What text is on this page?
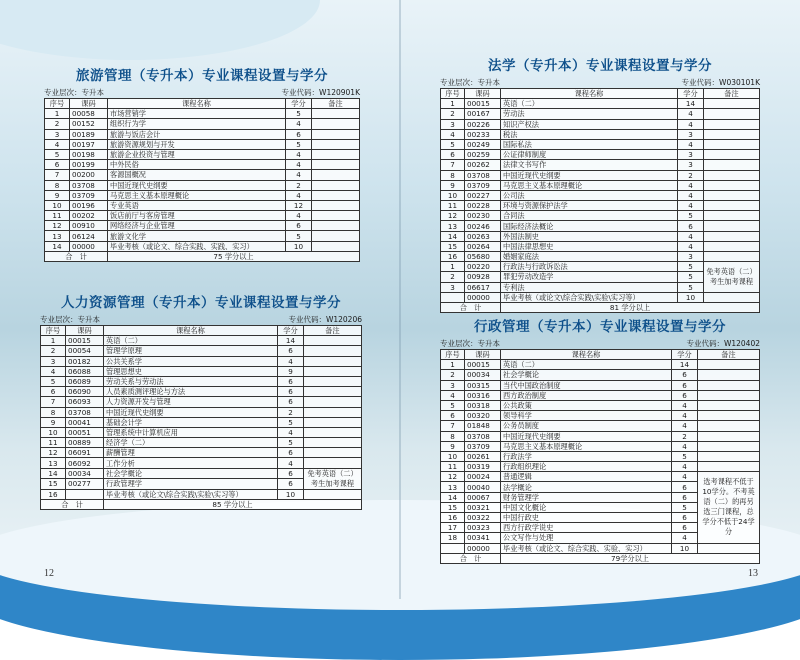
旅游管理（专升本）专业课程设置与学分
专业层次：专升本	专业代码：W120901K
序号	课码	课程名称	学分	备注
1	00058	市场营销学	5	
2	00152	组织行为学	4	
3	00189	旅游与饭店会计	6	
4	00197	旅游资源规划与开发	5	
5	00198	旅游企业投资与管理	4	
6	00199	中外民俗	4	
7	00200	客源国概况	4	
8	03708	中国近现代史纲要	2	
9	03709	马克思主义基本原理概论	4	
10	00196	专业英语	12	
11	00202	饭店前厅与客房管理	4	
12	00910	网络经济与企业管理	6	
13	06124	旅游文化学	5	
14	00000	毕业考核（或论文、综合实践、实践、实习）	10	
合　计		75 学分以上		
人力资源管理（专升本）专业课程设置与学分
专业层次：专升本	专业代码：W120206
序号	课码	课程名称	学分	备注
1	00015	英语（二）	14	
2	00054	管理学原理	6	
3	00182	公共关系学	4	
4	06088	管理思想史	9	
5	06089	劳动关系与劳动法	6	
6	06090	人员素质测评理论与方法	6	
7	06093	人力资源开发与管理	6	
8	03708	中国近现代史纲要	2	
9	00041	基础会计学	5	
10	00051	管理系统中计算机应用	4	
11	00889	经济学（二）	5	
12	06091	薪酬管理	6	
13	06092	工作分析	4	
14	00034	社会学概论	6	免考英语（二）考生加考课程
15	00277	行政管理学	6	
16		毕业考核（或论文\综合实践\实验\实习等）	10	
合　计		85 学分以上		
法学（专升本）专业课程设置与学分
专业层次：专升本	专业代码：W030101K
序号	课码	课程名称	学分	备注
1	00015	英语（二）	14	
2	00167	劳动法	4	
3	00226	知识产权法	4	
4	00233	税法	3	
5	00249	国际私法	4	
6	00259	公证律师制度	3	
7	00262	法律文书写作	3	
8	03708	中国近现代史纲要	2	
9	03709	马克思主义基本原理概论	4	
10	00227	公司法	4	
11	00228	环境与资源保护法学	4	
12	00230	合同法	5	
13	00246	国际经济法概论	6	
14	00263	外国法制史	4	
15	00264	中国法律思想史	4	
16	05680	婚姻家庭法	3	
1	00220	行政法与行政诉讼法	5	免考英语（二）考生加考课程
2	00928	罪犯劳动改造学	5	
3	06617	专利法	5	
	00000	毕业考核（或论文\综合实践\实验\实习等）	10	
合　计		81 学分以上		
行政管理（专升本）专业课程设置与学分
专业层次：专升本	专业代码：W120402
序号	课码	课程名称	学分	备注
1	00015	英语（二）	14	
2	00034	社会学概论	6	
3	00315	当代中国政治制度	6	
4	00316	西方政治制度	6	
5	00318	公共政策	4	
6	00320	领导科学	4	
7	01848	公务员制度	4	
8	03708	中国近现代史纲要	2	
9	03709	马克思主义基本原理概论	4	
10	00261	行政法学	5	
11	00319	行政组织理论	4	
12	00024	普通逻辑	4	选考课程不低于10学分。不考英语（二）的再另选三门课程，总学分不低于24学分
13	00040	法学概论	6	
14	00067	财务管理学	6	
15	00321	中国文化概论	5	
16	00322	中国行政史	6	
17	00323	西方行政学说史	6	
18	00341	公文写作与处理	4	
	00000	毕业考核（或论文、综合实践、实验、实习）	10	
合　计		79学分以上		
12	13
